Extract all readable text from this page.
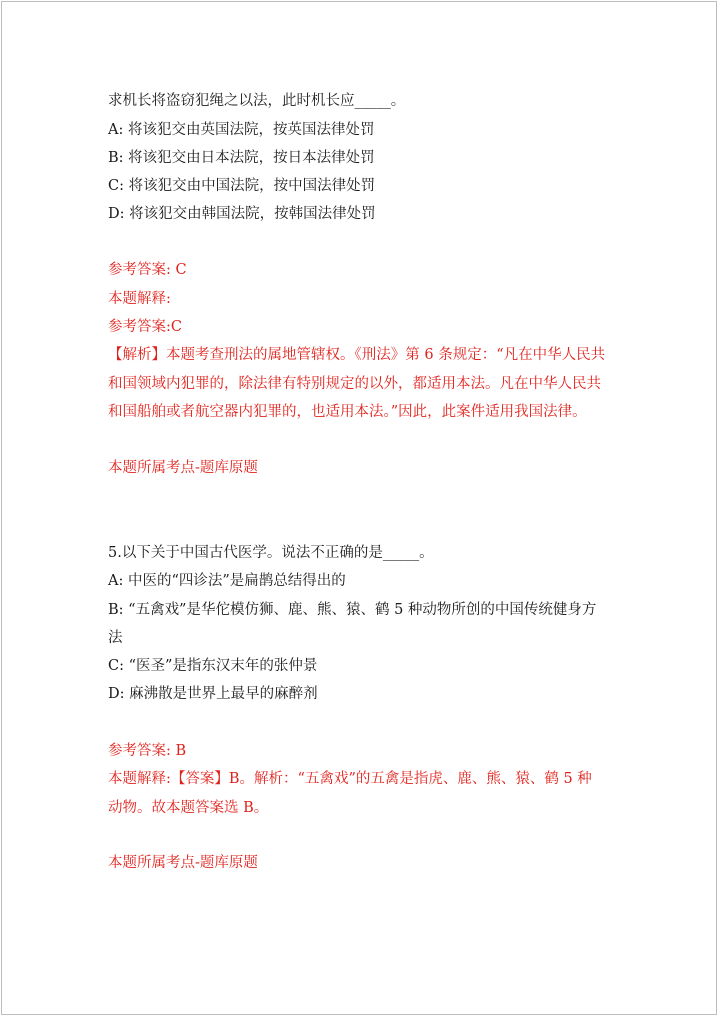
求机长将盗窃犯绳之以法，此时机长应_____。
A: 将该犯交由英国法院，按英国法律处罚
B: 将该犯交由日本法院，按日本法律处罚
C: 将该犯交由中国法院，按中国法律处罚
D: 将该犯交由韩国法院，按韩国法律处罚
参考答案: C
本题解释:
参考答案:C
【解析】本题考查刑法的属地管辖权。《刑法》第 6 条规定：“凡在中华人民共
和国领域内犯罪的，除法律有特别规定的以外，都适用本法。凡在中华人民共
和国船舶或者航空器内犯罪的，也适用本法。”因此，此案件适用我国法律。
本题所属考点-题库原题
5.以下关于中国古代医学。说法不正确的是_____。
A: 中医的“四诊法”是扁鹊总结得出的
B: “五禽戏”是华佗模仿狮、鹿、熊、猿、鹤 5 种动物所创的中国传统健身方
法
C: “医圣”是指东汉末年的张仲景
D: 麻沸散是世界上最早的麻醉剂
参考答案: B
本题解释:【答案】B。解析：“五禽戏”的五禽是指虎、鹿、熊、猿、鹤 5 种
动物。故本题答案选 B。
本题所属考点-题库原题
